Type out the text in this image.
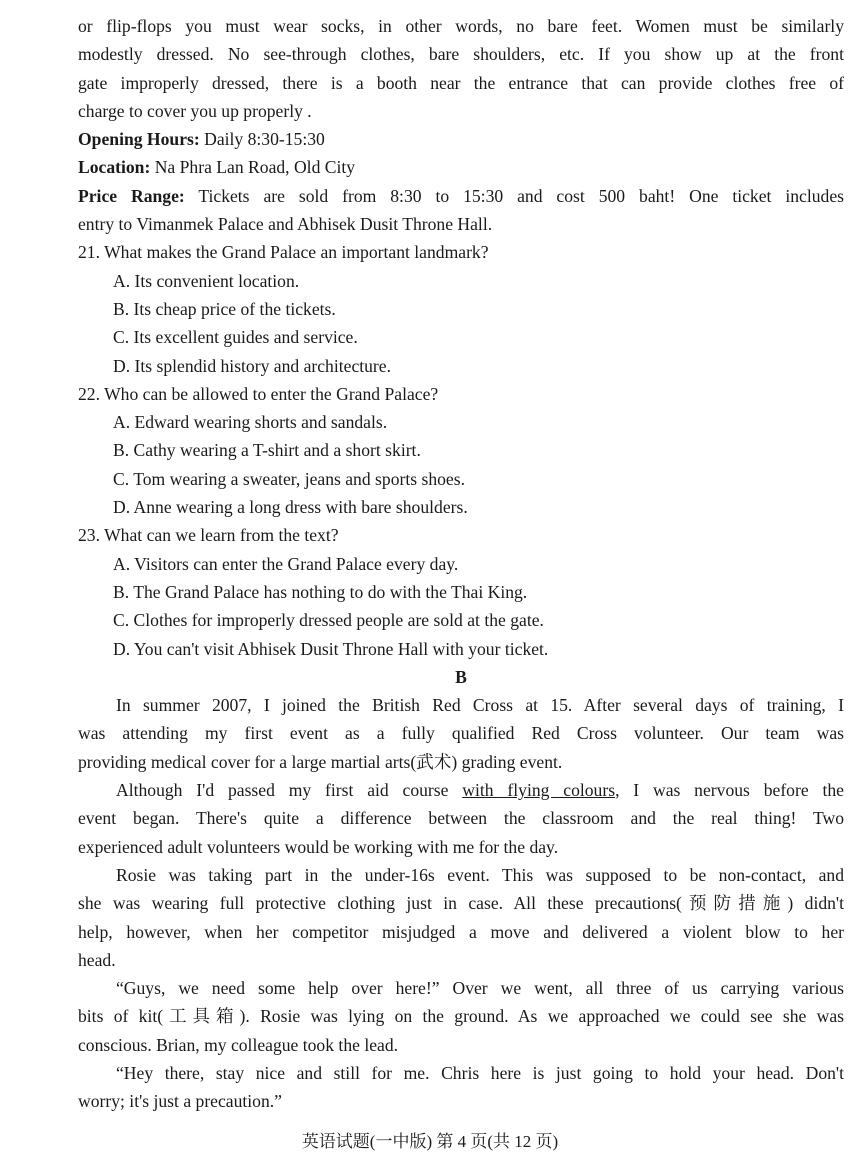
or flip-flops you must wear socks, in other words, no bare feet. Women must be similarly
modestly dressed. No see-through clothes, bare shoulders, etc. If you show up at the front
gate improperly dressed, there is a booth near the entrance that can provide clothes free of
charge to cover you up properly .
Opening Hours: Daily 8:30-15:30
Location: Na Phra Lan Road, Old City
Price Range: Tickets are sold from 8:30 to 15:30 and cost 500 baht! One ticket includes
entry to Vimanmek Palace and Abhisek Dusit Throne Hall.
21. What makes the Grand Palace an important landmark?
A. Its convenient location.
B. Its cheap price of the tickets.
C. Its excellent guides and service.
D. Its splendid history and architecture.
22. Who can be allowed to enter the Grand Palace?
A. Edward wearing shorts and sandals.
B. Cathy wearing a T-shirt and a short skirt.
C. Tom wearing a sweater, jeans and sports shoes.
D. Anne wearing a long dress with bare shoulders.
23. What can we learn from the text?
A. Visitors can enter the Grand Palace every day.
B. The Grand Palace has nothing to do with the Thai King.
C. Clothes for improperly dressed people are sold at the gate.
D. You can't visit Abhisek Dusit Throne Hall with your ticket.
B
In summer 2007, I joined the British Red Cross at 15. After several days of training, I
was attending my first event as a fully qualified Red Cross volunteer. Our team was
providing medical cover for a large martial arts(武术) grading event.
Although I'd passed my first aid course with flying colours, I was nervous before the
event began. There's quite a difference between the classroom and the real thing! Two
experienced adult volunteers would be working with me for the day.
Rosie was taking part in the under-16s event. This was supposed to be non-contact, and
she was wearing full protective clothing just in case. All these precautions(预防措施) didn't
help, however, when her competitor misjudged a move and delivered a violent blow to her
head.
“Guys, we need some help over here!” Over we went, all three of us carrying various
bits of kit(工具箱). Rosie was lying on the ground. As we approached we could see she was
conscious. Brian, my colleague took the lead.
“Hey there, stay nice and still for me. Chris here is just going to hold your head. Don't
worry; it's just a precaution.”
英语试题(一中版) 第 4 页(共 12 页)
